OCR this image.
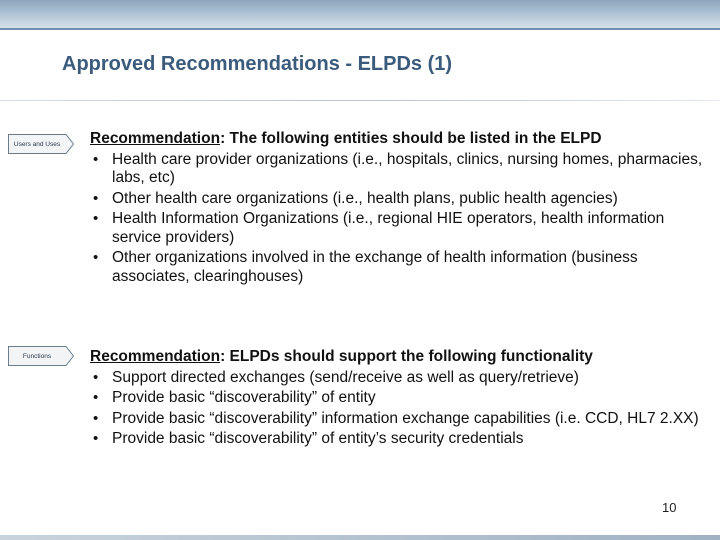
Approved Recommendations - ELPDs (1)
Users and Uses
Functions
Recommendation: The following entities should be listed in the ELPD
• Health care provider organizations (i.e., hospitals, clinics, nursing homes, pharmacies, labs, etc)
• Other health care organizations (i.e., health plans, public health agencies)
• Health Information Organizations (i.e., regional HIE operators, health information service providers)
• Other organizations involved in the exchange of health information (business associates, clearinghouses)
Recommendation: ELPDs should support the following functionality
• Support directed exchanges (send/receive as well as query/retrieve)
• Provide basic “discoverability” of entity
• Provide basic “discoverability” information exchange capabilities (i.e. CCD, HL7 2.XX)
• Provide basic “discoverability” of entity’s security credentials
10
